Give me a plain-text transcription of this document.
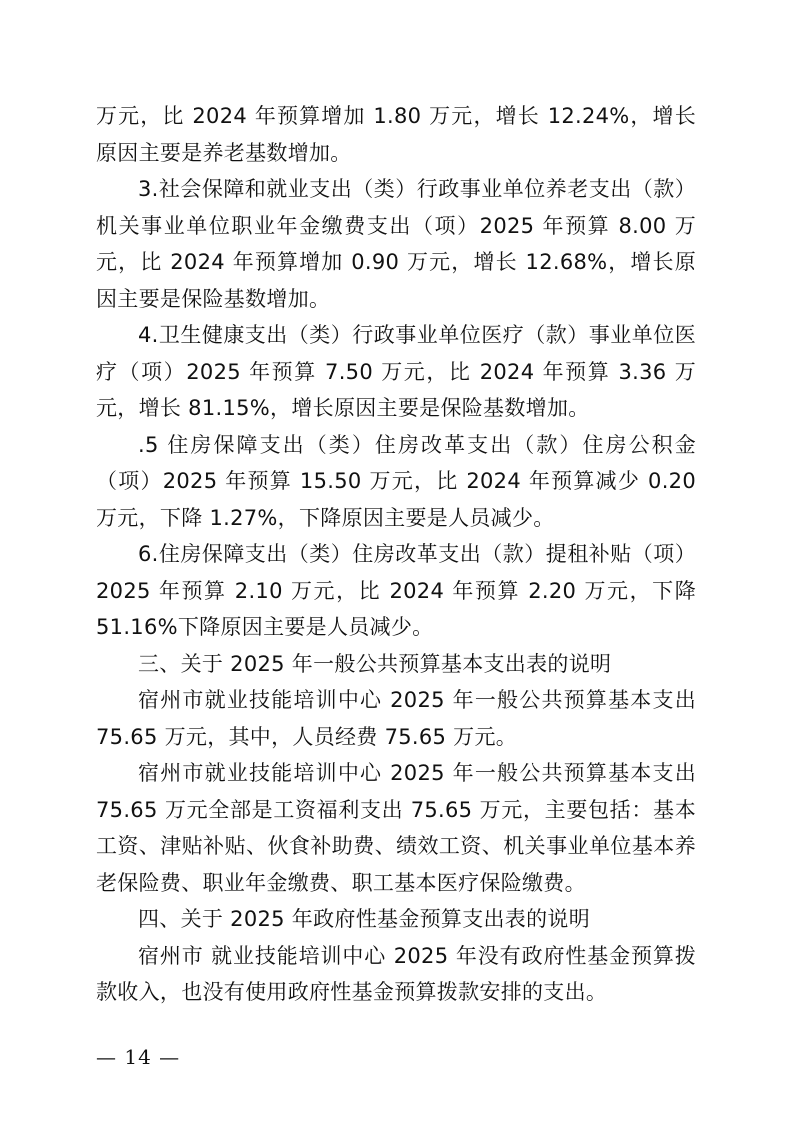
万元，比 2024 年预算增加 1.80 万元，增长 12.24%，增长原因主要是养老基数增加。

3.社会保障和就业支出（类）行政事业单位养老支出（款）机关事业单位职业年金缴费支出（项）2025 年预算 8.00 万元，比 2024 年预算增加 0.90 万元，增长 12.68%，增长原因主要是保险基数增加。

4.卫生健康支出（类）行政事业单位医疗（款）事业单位医疗（项）2025 年预算 7.50 万元，比 2024 年预算 3.36 万元，增长 81.15%，增长原因主要是保险基数增加。

.5 住房保障支出（类）住房改革支出（款）住房公积金（项）2025 年预算 15.50 万元，比 2024 年预算减少 0.20 万元，下降 1.27%，下降原因主要是人员减少。

6.住房保障支出（类）住房改革支出（款）提租补贴（项）2025 年预算 2.10 万元，比 2024 年预算 2.20 万元，下降 51.16%下降原因主要是人员减少。

三、关于 2025 年一般公共预算基本支出表的说明

宿州市就业技能培训中心 2025 年一般公共预算基本支出 75.65 万元，其中，人员经费 75.65 万元。

宿州市就业技能培训中心 2025 年一般公共预算基本支出 75.65 万元全部是工资福利支出 75.65 万元，主要包括：基本工资、津贴补贴、伙食补助费、绩效工资、机关事业单位基本养老保险费、职业年金缴费、职工基本医疗保险缴费。

四、关于 2025 年政府性基金预算支出表的说明

宿州市 就业技能培训中心 2025 年没有政府性基金预算拨款收入，也没有使用政府性基金预算拨款安排的支出。

— 14 —
